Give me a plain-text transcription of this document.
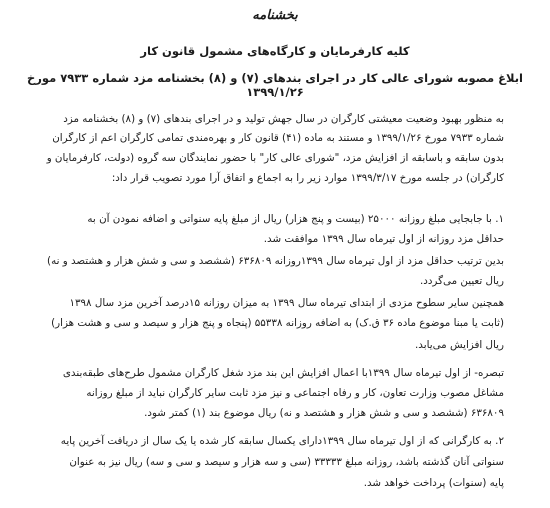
بخشنامه
کلیه کارفرمایان و کارگاه‌های مشمول قانون کار
ابلاغ مصوبه شورای عالی کار در اجرای بندهای (۷) و (۸) بخشنامه مزد شماره ۷۹۳۳ مورخ ۱۳۹۹/۱/۲۶
به منظور بهبود وضعیت معیشتی کارگران در سال جهش تولید و در اجرای بندهای (۷) و (۸) بخشنامه مزد
شماره ۷۹۳۳ مورخ ۱۳۹۹/۱/۲۶ و مستند به ماده (۴۱) قانون کار و بهره‌مندی تمامی کارگران اعم از کارگران
بدون سابقه و باسابقه از افزایش مزد، "شورای عالی کار" با حضور نمایندگان سه گروه (دولت، کارفرمایان و
کارگران) در جلسه مورخ ۱۳۹۹/۳/۱۷ موارد زیر را به اجماع و اتفاق آرا مورد تصویب قرار داد:
۱. با جابجایی مبلغ روزانه ۲۵۰۰۰ (بیست و پنج هزار) ریال از مبلغ پایه سنواتی و اضافه نمودن آن به
حداقل مزد روزانه از اول تیرماه سال ۱۳۹۹ موافقت شد.
بدین ترتیب حداقل مزد از اول تیرماه سال ۱۳۹۹روزانه ۶۳۶۸۰۹ (ششصد و سی و شش هزار و هشتصد و نه)
ریال تعیین می‌گردد.
همچنین سایر سطوح مزدی از ابتدای تیرماه سال ۱۳۹۹ به میزان روزانه ۱۵درصد آخرین مزد سال ۱۳۹۸
(ثابت یا مبنا موضوع ماده ۳۶ ق.ک) به اضافه روزانه ۵۵۳۳۸ (پنجاه و پنج هزار و سیصد و سی و هشت هزار)
ریال افزایش می‌یابد.
تبصره- از اول تیرماه سال ۱۳۹۹با اعمال افزایش این بند مزد شغل کارگران مشمول طرح‌های طبقه‌بندی
مشاغل مصوب وزارت تعاون، کار و رفاه اجتماعی و نیز مزد ثابت سایر کارگران نباید از مبلغ روزانه
۶۳۶۸۰۹ (ششصد و سی و شش هزار و هشتصد و نه) ریال موضوع بند (۱) کمتر شود.
۲. به کارگرانی که از اول تیرماه سال ۱۳۹۹دارای یکسال سابقه کار شده یا یک سال از دریافت آخرین پایه
سنواتی آنان گذشته باشد، روزانه مبلغ ۳۳۳۳۳ (سی و سه هزار و سیصد و سی و سه) ریال نیز به عنوان
پایه (سنوات) پرداخت خواهد شد.
